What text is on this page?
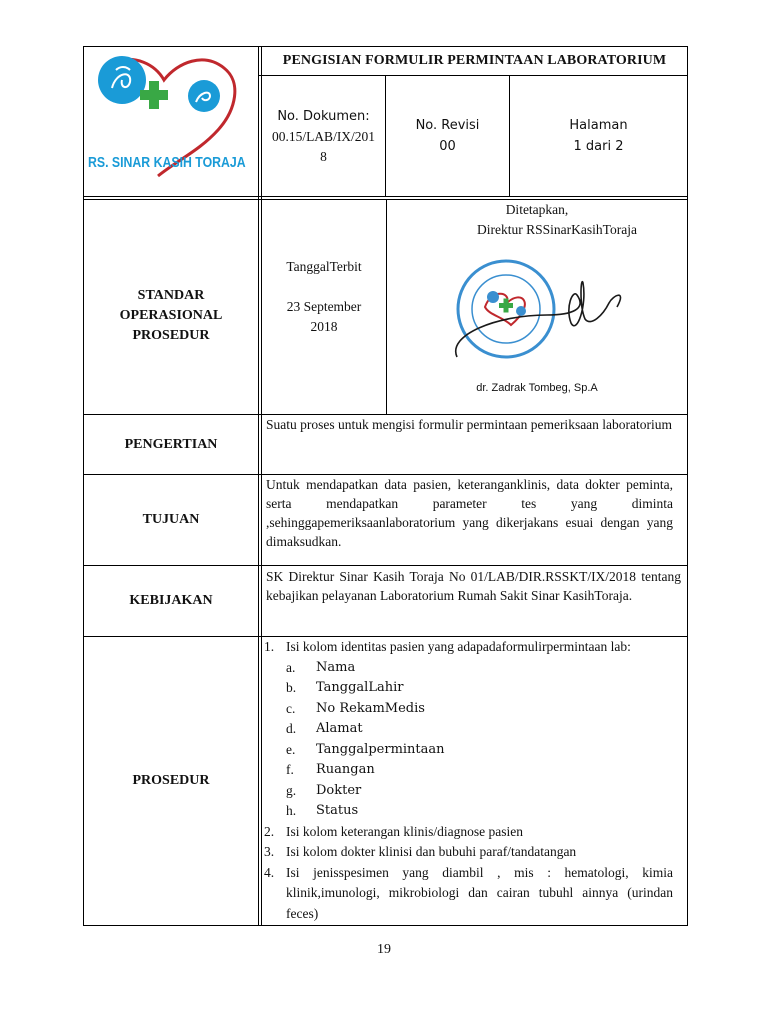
RS. SINAR KASIH TORAJA
PENGISIAN FORMULIR PERMINTAAN LABORATORIUM
No. Dokumen:
00.15/LAB/IX/201
8
No. Revisi
00
Halaman
1 dari 2
STANDAR
OPERASIONAL
PROSEDUR
TanggalTerbit
23 September
2018
Ditetapkan,
Direktur RSSinarKasihToraja
dr. Zadrak Tombeg, Sp.A
PENGERTIAN
Suatu proses untuk mengisi formulir permintaan pemeriksaan laboratorium
TUJUAN
Untuk mendapatkan data pasien, keteranganklinis, data dokter peminta, serta mendapatkan parameter tes yang diminta ,sehinggapemeriksaanlaboratorium yang dikerjakans esuai dengan yang dimaksudkan.
KEBIJAKAN
SK Direktur Sinar Kasih Toraja No 01/LAB/DIR.RSSKT/IX/2018 tentang kebajikan pelayanan Laboratorium Rumah Sakit Sinar KasihToraja.
PROSEDUR
1. Isi kolom identitas pasien yang adapadaformulirpermintaan lab:
a. Nama
b. TanggalLahir
c. No RekamMedis
d. Alamat
e. Tanggalpermintaan
f. Ruangan
g. Dokter
h. Status
2. Isi kolom keterangan klinis/diagnose pasien
3. Isi kolom dokter klinisi dan bubuhi paraf/tandatangan
4. Isi jenisspesimen yang diambil , mis : hematologi, kimia klinik,imunologi, mikrobiologi dan cairan tubuhl ainnya (urindan feces)
19
